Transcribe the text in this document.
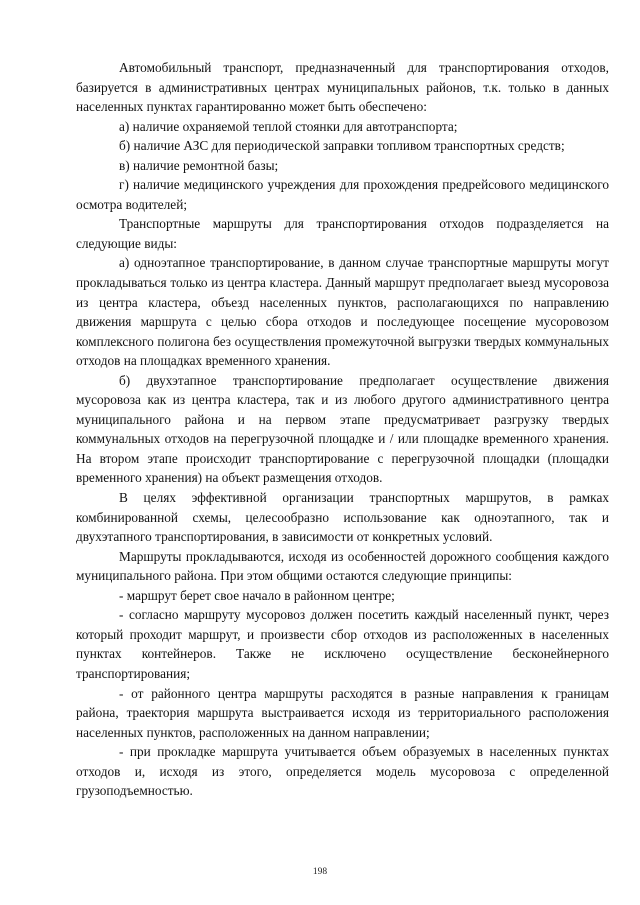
Автомобильный транспорт, предназначенный для транспортирования отходов, базируется в административных центрах муниципальных районов, т.к. только в данных населенных пунктах гарантированно может быть обеспечено:

а) наличие охраняемой теплой стоянки для автотранспорта;

б) наличие АЗС для периодической заправки топливом транспортных средств;

в) наличие ремонтной базы;

г) наличие медицинского учреждения для прохождения предрейсового медицинского осмотра водителей;

Транспортные маршруты для транспортирования отходов подразделяется на следующие виды:

а) одноэтапное транспортирование, в данном случае транспортные маршруты могут прокладываться только из центра кластера. Данный маршрут предполагает выезд мусоровоза из центра кластера, объезд населенных пунктов, располагающихся по направлению движения маршрута с целью сбора отходов и последующее посещение мусоровозом комплексного полигона без осуществления промежуточной выгрузки твердых коммунальных отходов на площадках временного хранения.

б) двухэтапное транспортирование предполагает осуществление движения мусоровоза как из центра кластера, так и из любого другого административного центра муниципального района и на первом этапе предусматривает разгрузку твердых коммунальных отходов на перегрузочной площадке и / или площадке временного хранения. На втором этапе происходит транспортирование с перегрузочной площадки (площадки временного хранения) на объект размещения отходов.

В целях эффективной организации транспортных маршрутов, в рамках комбинированной схемы, целесообразно использование как одноэтапного, так и двухэтапного транспортирования, в зависимости от конкретных условий.

Маршруты прокладываются, исходя из особенностей дорожного сообщения каждого муниципального района. При этом общими остаются следующие принципы:

- маршрут берет свое начало в районном центре;

- согласно маршруту мусоровоз должен посетить каждый населенный пункт, через который проходит маршрут, и произвести сбор отходов из расположенных в населенных пунктах контейнеров. Также не исключено осуществление бесконейнерного транспортирования;

- от районного центра маршруты расходятся в разные направления к границам района, траектория маршрута выстраивается исходя из территориального расположения населенных пунктов, расположенных на данном направлении;

- при прокладке маршрута учитывается объем образуемых в населенных пунктах отходов и, исходя из этого, определяется модель мусоровоза с определенной грузоподъемностью.

198
